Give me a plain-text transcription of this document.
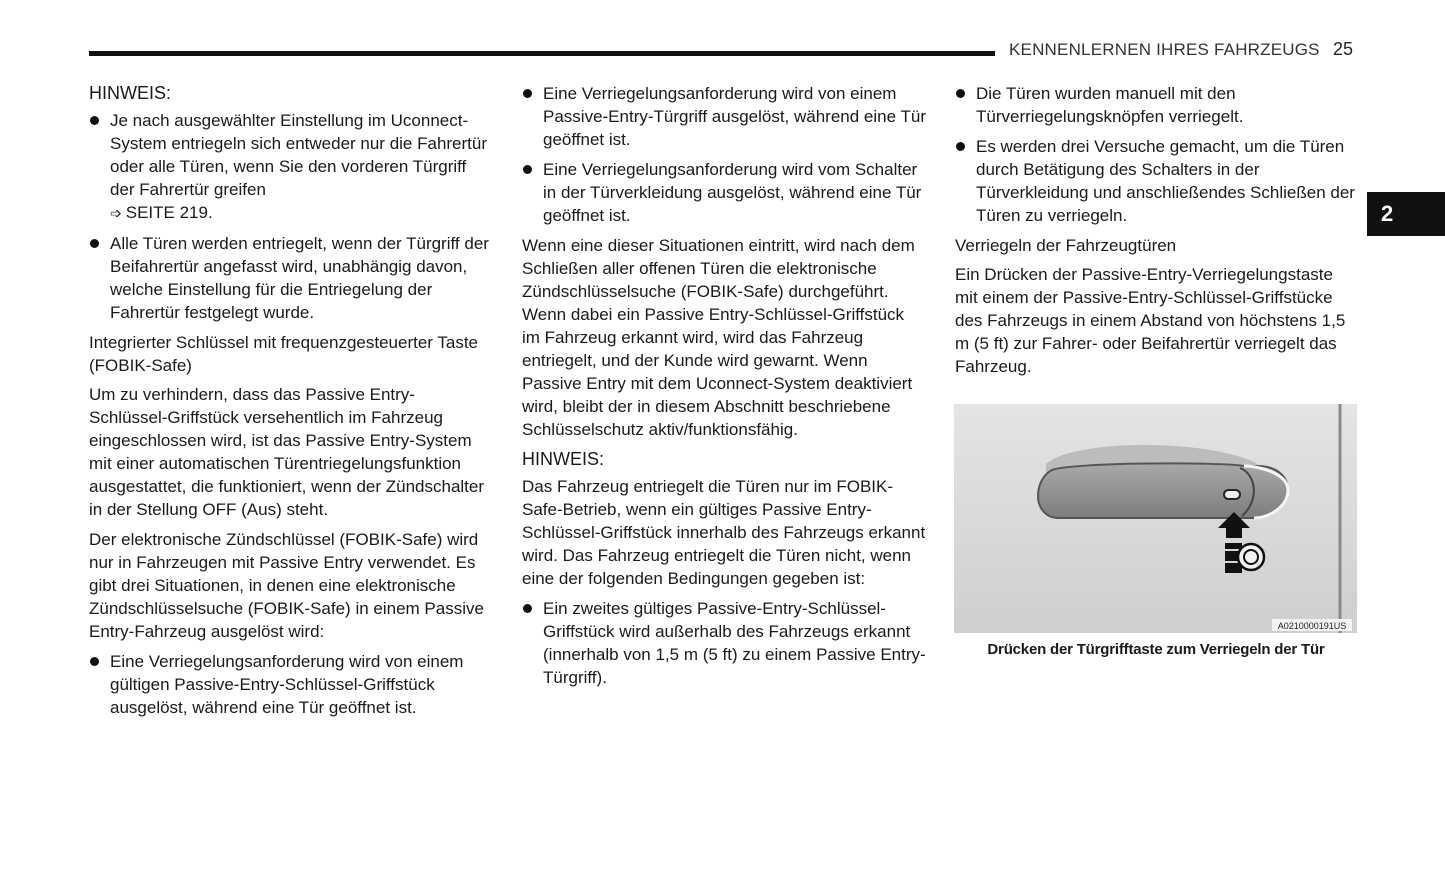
KENNENLERNEN IHRES FAHRZEUGS 25
2
HINWEIS:
Je nach ausgewählter Einstellung im Uconnect-System entriegeln sich entweder nur die Fahrertür oder alle Türen, wenn Sie den vorderen Türgriff der Fahrertür greifen
➩ SEITE 219.
Alle Türen werden entriegelt, wenn der Türgriff der Beifahrertür angefasst wird, unabhängig davon, welche Einstellung für die Entriegelung der Fahrertür festgelegt wurde.
Integrierter Schlüssel mit frequenzgesteuerter Taste (FOBIK-Safe)

Um zu verhindern, dass das Passive Entry-Schlüssel-Griffstück versehentlich im Fahrzeug eingeschlossen wird, ist das Passive Entry-System mit einer automatischen Türentriegelungsfunktion ausgestattet, die funktioniert, wenn der Zündschalter in der Stellung OFF (Aus) steht.

Der elektronische Zündschlüssel (FOBIK-Safe) wird nur in Fahrzeugen mit Passive Entry verwendet. Es gibt drei Situationen, in denen eine elektronische Zündschlüsselsuche (FOBIK-Safe) in einem Passive Entry-Fahrzeug ausgelöst wird:

Eine Verriegelungsanforderung wird von einem gültigen Passive-Entry-Schlüssel-Griffstück ausgelöst, während eine Tür geöffnet ist.
Eine Verriegelungsanforderung wird von einem Passive-Entry-Türgriff ausgelöst, während eine Tür geöffnet ist.
Eine Verriegelungsanforderung wird vom Schalter in der Türverkleidung ausgelöst, während eine Tür geöffnet ist.

Wenn eine dieser Situationen eintritt, wird nach dem Schließen aller offenen Türen die elektronische Zündschlüsselsuche (FOBIK-Safe) durchgeführt. Wenn dabei ein Passive Entry-Schlüssel-Griffstück im Fahrzeug erkannt wird, wird das Fahrzeug entriegelt, und der Kunde wird gewarnt. Wenn Passive Entry mit dem Uconnect-System deaktiviert wird, bleibt der in diesem Abschnitt beschriebene Schlüsselschutz aktiv/funktionsfähig.

HINWEIS:

Das Fahrzeug entriegelt die Türen nur im FOBIK-Safe-Betrieb, wenn ein gültiges Passive Entry-Schlüssel-Griffstück innerhalb des Fahrzeugs erkannt wird. Das Fahrzeug entriegelt die Türen nicht, wenn eine der folgenden Bedingungen gegeben ist:

Ein zweites gültiges Passive-Entry-Schlüssel-Griffstück wird außerhalb des Fahrzeugs erkannt (innerhalb von 1,5 m (5 ft) zu einem Passive Entry-Türgriff).
Die Türen wurden manuell mit den Türverriegelungsknöpfen verriegelt.
Es werden drei Versuche gemacht, um die Türen durch Betätigung des Schalters in der Türverkleidung und anschließendes Schließen der Türen zu verriegeln.
Verriegeln der Fahrzeugtüren

Ein Drücken der Passive-Entry-Verriegelungstaste mit einem der Passive-Entry-Schlüssel-Griffstücke des Fahrzeugs in einem Abstand von höchstens 1,5 m (5 ft) zur Fahrer- oder Beifahrertür verriegelt das Fahrzeug.

A0210000191US
Drücken der Türgrifftaste zum Verriegeln der Tür
